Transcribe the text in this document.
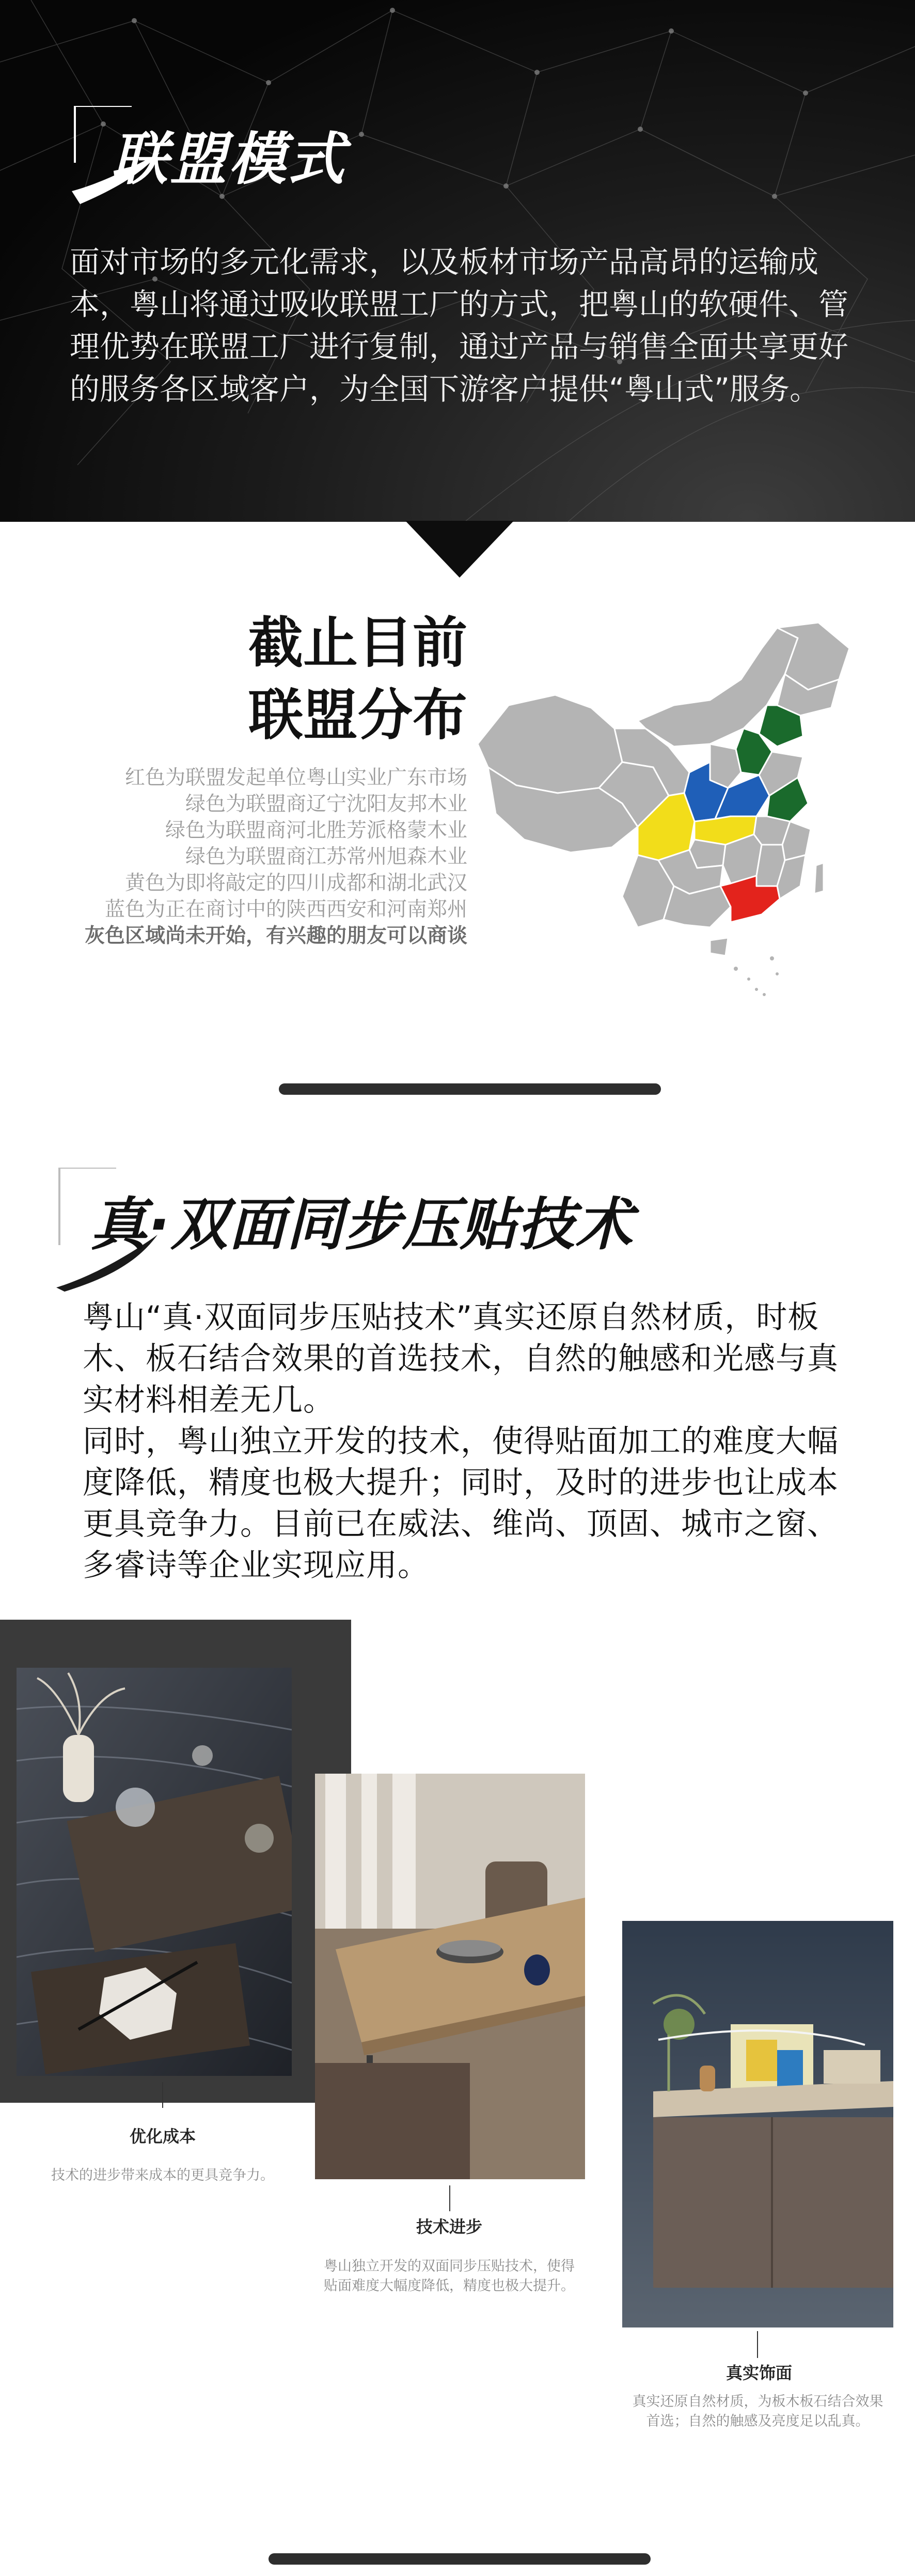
联盟模式
面对市场的多元化需求，以及板材市场产品高昂的运输成本，粤山将通过吸收联盟工厂的方式，把粤山的软硬件、管理优势在联盟工厂进行复制，通过产品与销售全面共享更好的服务各区域客户，为全国下游客户提供“粤山式”服务。
截止目前
联盟分布
红色为联盟发起单位粤山实业广东市场
绿色为联盟商辽宁沈阳友邦木业
绿色为联盟商河北胜芳派格蒙木业
绿色为联盟商江苏常州旭森木业
黄色为即将敲定的四川成都和湖北武汉
蓝色为正在商讨中的陕西西安和河南郑州
灰色区域尚未开始，有兴趣的朋友可以商谈
真·双面同步压贴技术
粤山“真·双面同步压贴技术”真实还原自然材质，时板木、板石结合效果的首选技术，自然的触感和光感与真实材料相差无几。
同时，粤山独立开发的技术，使得贴面加工的难度大幅度降低，精度也极大提升；同时，及时的进步也让成本更具竞争力。目前已在威法、维尚、顶固、城市之窗、多睿诗等企业实现应用。
优化成本
技术的进步带来成本的更具竞争力。
技术进步
粤山独立开发的双面同步压贴技术，使得贴面难度大幅度降低，精度也极大提升。
真实饰面
真实还原自然材质，为板木板石结合效果首选；自然的触感及亮度足以乱真。
